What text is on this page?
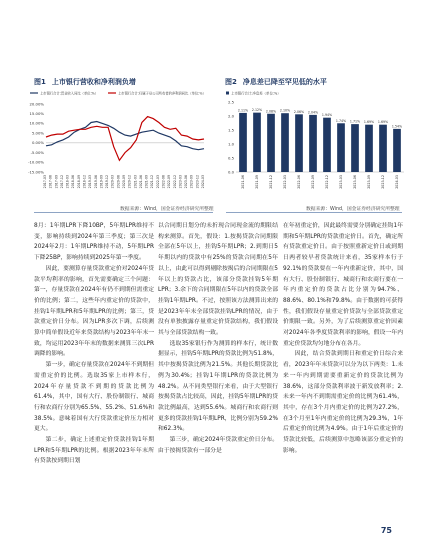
图1 上市银行营收和净利润负增
上市银行合计:营业收入同比（单位:%）	上市银行合计:归属于母公司所有者的净利润同比（单位:%）
20.00%
15.00%
10.00%
5.00%
0.00%
-5.00%
-10.00%
-15.00%
2017-03 2017-06 2017-09 2017-12 2018-03 2018-06 2018-09 2018-12 2019-03 2019-06 2019-09 2019-12 2020-03 2020-06 2020-09 2020-12 2021-03 2021-06 2021-09 2021-12 2022-03 2022-06 2022-09 2022-12 2023-03 2023-06 2023-09 2023-12 2024-03
数据来源：Wind，国金证券经济研究所整理
图2 净息差已降至罕见低的水平
上市银行合计:净息差（单位:%）
2.5
2.0
1.5
1.0
0.5
0.0
2.11%
2021-06
2.12%
2021-09
2.08%
2021-12
2.10%
2022-03
2.06%
2022-06
2.04%
2022-09
1.94%
2022-12
1.74%
2023-03
1.71%
2023-06
1.69%
2023-09
1.69%
2023-12
1.54%
2024-03
数据来源：Wind，国金证券经济研究所整理

8月：1年期LPR下降10BP，5年期LPR维持不变，影响持续到2024年第三季度；第三次是2024年2月：1年期LPR维持不动，5年期LPR下降25BP，影响持续到2025年第一季度。

因此，要测算存量贷款重定价对2024年贷款平均利率的影响，首先需要确定三个问题：第一，存量贷款在2024年有仍不到期但需重定价的比例；第二，这些年内重定价的贷款中，挂钩1年期LPR和5年期LPR的比例；第三，贷款重定价日分布。因为LPR多次下调，后续测算中简单假设近年来贷款结构与2023年年末一致，均运用2023年年末的数据来测算三次LPR调降的影响。

第一步，确定存量贷款在2024年不到期但需重定价的比例。选取35家上市样本行，2024年存量贷款不到期的贷款比例为61.4%，其中，国有大行、股份制银行、城商行和农商行分别为65.5%、55.2%、51.6%和38.5%。意味着国有大行贷款重定价压力相对更大。

第二步，确定上述重定价贷款挂钩1年期LPR和5年期LPR的比例。根据2023年年末所有贷款按到期日划

以合同期日划分的未折现合同现金流的期限结构来测算。首先，假设：1.按揭贷款合同期限全部在5年以上，挂钩5年期LPR；2.到期日5年期以内的贷款中有25%的贷款合同期在5年以上，由此可以得到剔除按揭后的合同期限在5年以上的贷款占比，该部分贷款挂钩5年期LPR；3.余下的合同期限在5年以内的贷款全部挂钩1年期LPR。不过，按照该方法测算出来的是2023年年末全部贷款挂钩LPR的情况，由于没有单独披露存量重定价贷款结构，我们假设其与全部贷款结构一致。

选取35家银行作为测算的样本行，统计数据显示，挂钩5年期LPR的贷款比例为51.8%，其中按揭贷款比例为21.5%。其他长期贷款比例为30.4%；挂钩1年期LPR的贷款比例为48.2%。从不同类型银行来看，由于大型银行按揭贷款占比较高，因此，挂钩5年期LPR的贷款比例最高，达到55.6%。城商行和农商行则更多的贷款挂钩1年期LPR，比例分别为59.2%和62.3%。

第三步，确定2024年贷款重定价日分布。由于按揭贷款有一部分是

在年初重定价，因此最终需要分别确定挂钩1年期和5年期LPR的贷款重定价日。首先，确定所有贷款重定价日。由于按照重新定价日或到期日两者较早者贷款统计来看，35家样本行于92.1%的贷款要在一年内重新定价，其中，国有大行、股份制银行、城商行和农商行要在一年内重定价的贷款占比分别为94.7%、88.6%、80.1%和79.8%。由于数据的可获得性，我们假设存量重定价贷款与全部贷款重定价期限一致。另外，为了后续测算重定价因素对2024年各季度贷款利率的影响，假设一年内重定价贷款均匀地分布在各月。

因此，结合贷款到期日和重定价日综合来看，2023年年末贷款可以分为以下两类：1.未来一年内到期需要重新定价的贷款比例为38.6%，这部分贷款利率波于新发放利率；2.未来一年内不到期需重定价的比例为61.4%，其中，存在3个月内重定价的比例为27.2%，在3个月至1年内重定价的比例为29.3%，1年后重定价的比例为4.9%。由于1年后重定价的贷款比较低，后续测算中忽略该部分重定价的影响。

75
